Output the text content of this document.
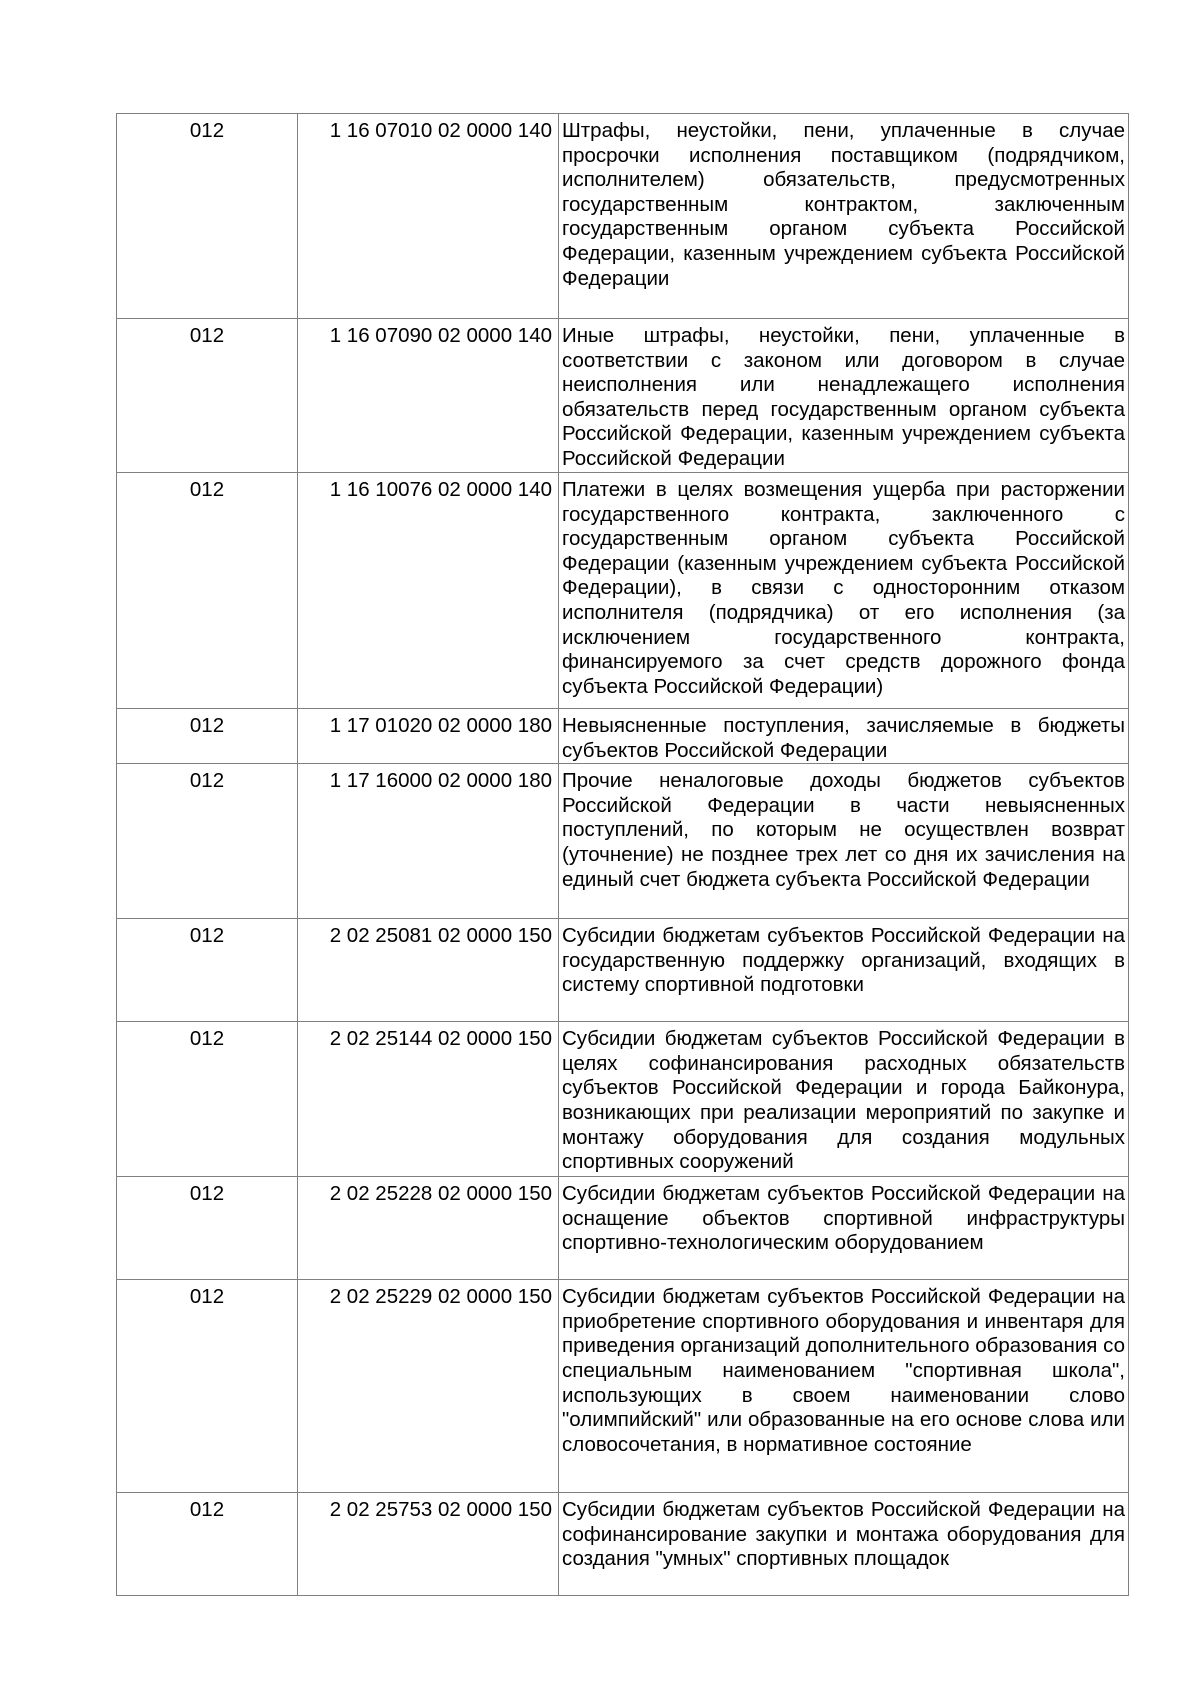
012	1 16 07010 02 0000 140	Штрафы, неустойки, пени, уплаченные в случае просрочки исполнения поставщиком (подрядчиком, исполнителем) обязательств, предусмотренных государственным контрактом, заключенным государственным органом субъекта Российской Федерации, казенным учреждением субъекта Российской Федерации
012	1 16 07090 02 0000 140	Иные штрафы, неустойки, пени, уплаченные в соответствии с законом или договором в случае неисполнения или ненадлежащего исполнения обязательств перед государственным органом субъекта Российской Федерации, казенным учреждением субъекта Российской Федерации
012	1 16 10076 02 0000 140	Платежи в целях возмещения ущерба при расторжении государственного контракта, заключенного с государственным органом субъекта Российской Федерации (казенным учреждением субъекта Российской Федерации), в связи с односторонним отказом исполнителя (подрядчика) от его исполнения (за исключением государственного контракта, финансируемого за счет средств дорожного фонда субъекта Российской Федерации)
012	1 17 01020 02 0000 180	Невыясненные поступления, зачисляемые в бюджеты субъектов Российской Федерации
012	1 17 16000 02 0000 180	Прочие неналоговые доходы бюджетов субъектов Российской Федерации в части невыясненных поступлений, по которым не осуществлен возврат (уточнение) не позднее трех лет со дня их зачисления на единый счет бюджета субъекта Российской Федерации
012	2 02 25081 02 0000 150	Субсидии бюджетам субъектов Российской Федерации на государственную поддержку организаций, входящих в систему спортивной подготовки
012	2 02 25144 02 0000 150	Субсидии бюджетам субъектов Российской Федерации в целях софинансирования расходных обязательств субъектов Российской Федерации и города Байконура, возникающих при реализации мероприятий по закупке и монтажу оборудования для создания модульных спортивных сооружений
012	2 02 25228 02 0000 150	Субсидии бюджетам субъектов Российской Федерации на оснащение объектов спортивной инфраструктуры спортивно-технологическим оборудованием
012	2 02 25229 02 0000 150	Субсидии бюджетам субъектов Российской Федерации на приобретение спортивного оборудования и инвентаря для приведения организаций дополнительного образования со специальным наименованием "спортивная школа", использующих в своем наименовании слово "олимпийский" или образованные на его основе слова или словосочетания, в нормативное состояние
012	2 02 25753 02 0000 150	Субсидии бюджетам субъектов Российской Федерации на софинансирование закупки и монтажа оборудования для создания "умных" спортивных площадок
